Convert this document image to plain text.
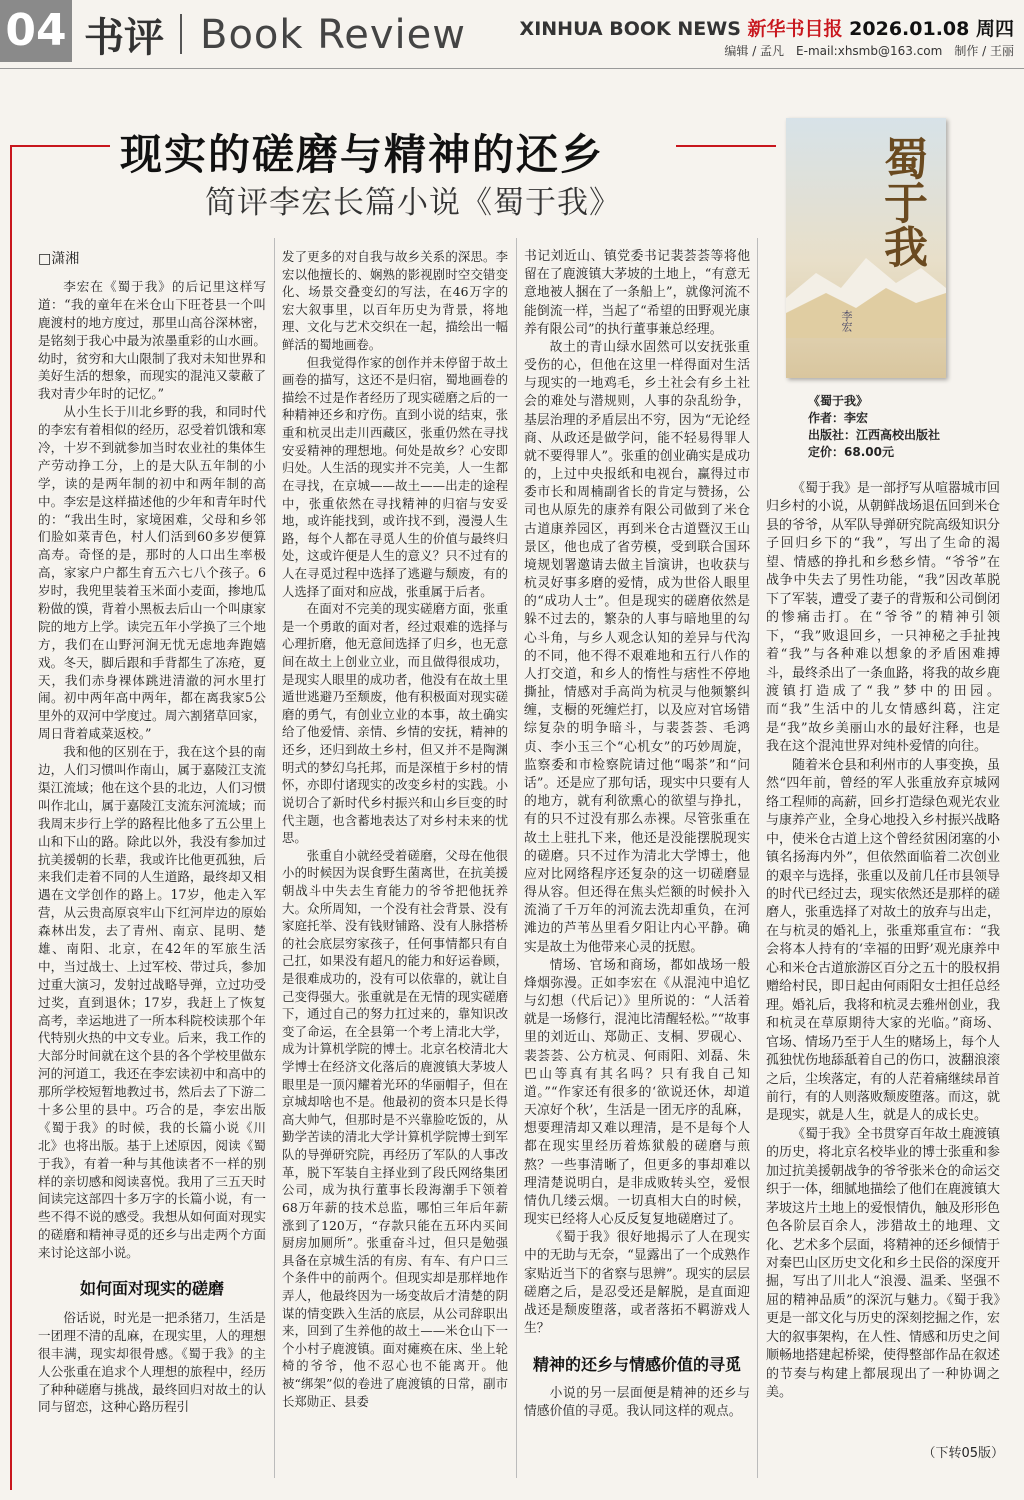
04 书评 Book Review	XINHUA BOOK NEWS 新华书目报 2026.01.08 周四
编辑 / 孟凡　E-mail:xhsmb@163.com　制作 / 王丽
现实的磋磨与精神的还乡
简评李宏长篇小说《蜀于我》	蜀于我
李宏
《蜀于我》
作者：李宏
出版社：江西高校出版社
定价：68.00元
□潇湘

李宏在《蜀于我》的后记里这样写道：“我的童年在米仓山下旺苍县一个叫鹿渡村的地方度过，那里山高谷深林密，是铭刻于我心中最为浓墨重彩的山水画。幼时，贫穷和大山限制了我对未知世界和美好生活的想象，而现实的混沌又蒙蔽了我对青少年时的记忆。”

从小生长于川北乡野的我，和同时代的李宏有着相似的经历，忍受着饥饿和寒冷，十岁不到就参加当时农业社的集体生产劳动挣工分，上的是大队五年制的小学，读的是两年制的初中和两年制的高中。李宏是这样描述他的少年和青年时代的：“我出生时，家境困难，父母和乡邻们脸如菜青色，村人们活到60多岁便算高寿。奇怪的是，那时的人口出生率极高，家家户户都生育五六七八个孩子。6岁时，我兜里装着玉米面小麦面，掺地瓜粉做的馍，背着小黑板去后山一个叫康家院的地方上学。读完五年小学换了三个地方，我们在山野河涧无忧无虑地奔跑嬉戏。冬天，脚后跟和手背都生了冻疮，夏天，我们赤身裸体跳进清澈的河水里打闹。初中两年高中两年，都在离我家5公里外的双河中学度过。周六割猪草回家，周日背着咸菜返校。”

我和他的区别在于，我在这个县的南边，人们习惯叫作南山，属于嘉陵江支流渠江流域；他在这个县的北边，人们习惯叫作北山，属于嘉陵江支流东河流域；而我周末步行上学的路程比他多了五公里上山和下山的路。除此以外，我没有参加过抗美援朝的长辈，我或许比他更孤独，后来我们走着不同的人生道路，最终却又相遇在文学创作的路上。17岁，他走入军营，从云贵高原哀牢山下红河岸边的原始森林出发，去了青州、南京、昆明、楚雄、南阳、北京，在42年的军旅生活中，当过战士、上过军校、带过兵，参加过重大演习，发射过战略导弹，立过功受过奖，直到退休；17岁，我赶上了恢复高考，幸运地进了一所本科院校读那个年代特别火热的中文专业。后来，我工作的大部分时间就在这个县的各个学校里做东河的河道工，我还在李宏读初中和高中的那所学校短暂地教过书，然后去了下游二十多公里的县中。巧合的是，李宏出版《蜀于我》的时候，我的长篇小说《川北》也将出版。基于上述原因，阅读《蜀于我》，有着一种与其他读者不一样的别样的亲切感和阅读喜悦。我用了三五天时间读完这部四十多万字的长篇小说，有一些不得不说的感受。我想从如何面对现实的磋磨和精神寻觅的还乡与出走两个方面来讨论这部小说。

如何面对现实的磋磨

俗话说，时光是一把杀猪刀，生活是一团理不清的乱麻，在现实里，人的理想很丰满，现实却很骨感。《蜀于我》的主人公张重在追求个人理想的旅程中，经历了种种磋磨与挑战，最终回归对故土的认同与留恋，这种心路历程引

发了更多的对自我与故乡关系的深思。李宏以他擅长的、娴熟的影视剧时空交错变化、场景交叠变幻的写法，在46万字的宏大叙事里，以百年历史为背景，将地理、文化与艺术交织在一起，描绘出一幅鲜活的蜀地画卷。

但我觉得作家的创作并未停留于故土画卷的描写，这还不是归宿，蜀地画卷的描绘不过是作者经历了现实磋磨之后的一种精神还乡和疗伤。直到小说的结束，张重和杭灵出走川西藏区，张重仍然在寻找安妥精神的理想地。何处是故乡？心安即归处。人生活的现实并不完美，人一生都在寻找，在京城——故土——出走的途程中，张重依然在寻找精神的归宿与安妥地，或许能找到，或许找不到，漫漫人生路，每个人都在寻觅人生的价值与最终归处，这或许便是人生的意义？只不过有的人在寻觅过程中选择了逃避与颓废，有的人选择了面对和应战，张重属于后者。

在面对不完美的现实磋磨方面，张重是一个勇敢的面对者，经过艰难的选择与心理折磨，他无意间选择了归乡，也无意间在故土上创业立业，而且做得很成功，是现实人眼里的成功者，他没有在故土里遁世逃避乃至颓废，他有积极面对现实磋磨的勇气，有创业立业的本事，故土确实给了他爱情、亲情、乡情的安抚，精神的还乡，还归到故土乡村，但又并不是陶渊明式的梦幻乌托邦，而是深植于乡村的情怀，亦即付诸现实的改变乡村的实践。小说切合了新时代乡村振兴和山乡巨变的时代主题，也含蓄地表达了对乡村未来的忧思。

张重自小就经受着磋磨，父母在他很小的时候因为误食野生菌离世，在抗美援朝战斗中失去生育能力的爷爷把他抚养大。众所周知，一个没有社会背景、没有家庭托举、没有钱财铺路、没有人脉搭桥的社会底层穷家孩子，任何事情都只有自己扛，如果没有超凡的能力和好运眷顾，是很难成功的，没有可以依靠的，就让自己变得强大。张重就是在无情的现实磋磨下，通过自己的努力扛过来的，靠知识改变了命运，在全县第一个考上清北大学，成为计算机学院的博士。北京名校清北大学博士在经济文化落后的鹿渡镇大茅坡人眼里是一顶闪耀着光环的华丽帽子，但在京城却啥也不是。他最初的资本只是长得高大帅气，但那时是不兴靠脸吃饭的，从勤学苦读的清北大学计算机学院博士到军队的导弹研究院，再经历了军队的人事改革，脱下军装自主择业到了段氏网络集团公司，成为执行董事长段海潮手下领着68万年薪的技术总监，哪怕三年后年薪涨到了120万，“存款只能在五环内买间厨房加厕所”。张重奋斗过，但只是勉强具备在京城生活的有房、有车、有户口三个条件中的前两个。但现实却是那样地作弄人，他最终因为一场变故后才清楚的阴谋的情变跌入生活的底层，从公司辞职出来，回到了生养他的故土——米仓山下一个小村子鹿渡镇。面对瘫痪在床、坐上轮椅的爷爷，他不忍心也不能离开。他被“绑架”似的卷进了鹿渡镇的日常，副市长郑勋正、县委

书记刘近山、镇党委书记裴荟荟等将他留在了鹿渡镇大茅坡的土地上，“有意无意地被人捆在了一条船上”，就像河流不能倒流一样，当起了“希望的田野观光康养有限公司”的执行董事兼总经理。

故土的青山绿水固然可以安抚张重受伤的心，但他在这里一样得面对生活与现实的一地鸡毛，乡土社会有乡土社会的难处与潜规则，人事的杂乱纷争，基层治理的矛盾层出不穷，因为“无论经商、从政还是做学问，能不轻易得罪人就不要得罪人”。张重的创业确实是成功的，上过中央报纸和电视台，赢得过市委市长和周楠副省长的肯定与赞扬，公司也从原先的康养有限公司做到了米仓古道康养园区，再到米仓古道暨汉王山景区，他也成了省劳模，受到联合国环境规划署邀请去做主旨演讲，也收获与杭灵好事多磨的爱情，成为世俗人眼里的“成功人士”。但是现实的磋磨依然是躲不过去的，繁杂的人事与暗地里的勾心斗角，与乡人观念认知的差异与代沟的不同，他不得不艰难地和五行八作的人打交道，和乡人的惰性与痞性不停地撕扯，情感对手高尚为杭灵与他频繁纠缠，支橱的死缠烂打，以及应对官场错综复杂的明争暗斗，与裴荟荟、毛鸿贞、李小玉三个“心机女”的巧妙周旋，监察委和市检察院请过他“喝茶”和“问话”。还是应了那句话，现实中只要有人的地方，就有利欲熏心的欲望与挣扎，有的只不过没有那么赤裸。尽管张重在故土上驻扎下来，他还是没能摆脱现实的磋磨。只不过作为清北大学博士，他应对比网络程序还复杂的这一切磋磨显得从容。但还得在焦头烂额的时候扑入流淌了千万年的河流去洗却重负，在河滩边的芦苇丛里看夕阳让内心平静。确实是故土为他带来心灵的抚慰。

情场、官场和商场，都如战场一般烽烟弥漫。正如李宏在《从混沌中追忆与幻想（代后记）》里所说的：“人活着就是一场修行，混沌比清醒轻松。”“故事里的刘近山、郑勋正、支桐、罗砚心、裴荟荟、公方杭灵、何雨阳、刘磊、朱巴山等真有其名吗？只有我自己知道。”“作家还有很多的‘欲说还休，却道天凉好个秋’，生活是一团无序的乱麻，想要理清却又难以理清，是不是每个人都在现实里经历着炼狱般的磋磨与煎熬？一些事清晰了，但更多的事却难以理清楚说明白，是非成败转头空，爱恨情仇几缕云烟。一切真相大白的时候，现实已经将人心反反复复地磋磨过了。

《蜀于我》很好地揭示了人在现实中的无助与无奈，“显露出了一个成熟作家贴近当下的省察与思辨”。现实的层层磋磨之后，是忍受还是解脱，是直面迎战还是颓废堕落，或者落拓不羁游戏人生？

精神的还乡与情感价值的寻觅

小说的另一层面便是精神的还乡与情感价值的寻觅。我认同这样的观点。

《蜀于我》是一部抒写从喧嚣城市回归乡村的小说，从朝鲜战场退伍回到米仓县的爷爷，从军队导弹研究院高级知识分子回归乡下的“我”，写出了生命的渴望、情感的挣扎和乡愁乡情。“爷爷”在战争中失去了男性功能，“我”因改革脱下了军装，遭受了妻子的背叛和公司倒闭的惨痛击打。在“爷爷”的精神引领下，“我”败退回乡，一只神秘之手扯拽着“我”与各种难以想象的矛盾困难搏斗，最终杀出了一条血路，将我的故乡鹿渡镇打造成了“我”梦中的田园。而“我”生活中的儿女情感纠葛，注定是“我”故乡美丽山水的最好注释，也是我在这个混沌世界对纯朴爱情的向往。

随着米仓县和利州市的人事变换，虽然“四年前，曾经的军人张重放弃京城网络工程师的高薪，回乡打造绿色观光农业与康养产业，全身心地投入乡村振兴战略中，使米仓古道上这个曾经贫困闭塞的小镇名扬海内外”，但依然面临着二次创业的艰辛与选择，张重以及前几任市县领导的时代已经过去，现实依然还是那样的磋磨人，张重选择了对故土的放弃与出走，在与杭灵的婚礼上，张重郑重宣布：“我会将本人持有的‘幸福的田野’观光康养中心和米仓古道旅游区百分之五十的股权捐赠给村民，即日起由何雨阳女士担任总经理。婚礼后，我将和杭灵去雅州创业，我和杭灵在草原期待大家的光临。”商场、官场、情场乃至于人生的赌场上，每个人孤独忧伤地舔舐着自己的伤口，波翻浪滚之后，尘埃落定，有的人茫着痛继续昂首前行，有的人则落败颓废堕落。而这，就是现实，就是人生，就是人的成长史。

《蜀于我》全书贯穿百年故土鹿渡镇的历史，将北京名校毕业的博士张重和参加过抗美援朝战争的爷爷张米仓的命运交织于一体，细腻地描绘了他们在鹿渡镇大茅坡这片土地上的爱恨情仇，触及形形色色各阶层百余人，涉猎故土的地理、文化、艺术多个层面，将精神的还乡倾情于对秦巴山区历史文化和乡土民俗的深度开掘，写出了川北人“浪漫、温柔、坚强不屈的精神品质”的深沉与魅力。《蜀于我》更是一部文化与历史的深刻挖掘之作，宏大的叙事架构，在人性、情感和历史之间顺畅地搭建起桥梁，使得整部作品在叙述的节奏与构建上都展现出了一种协调之美。

（下转05版）
